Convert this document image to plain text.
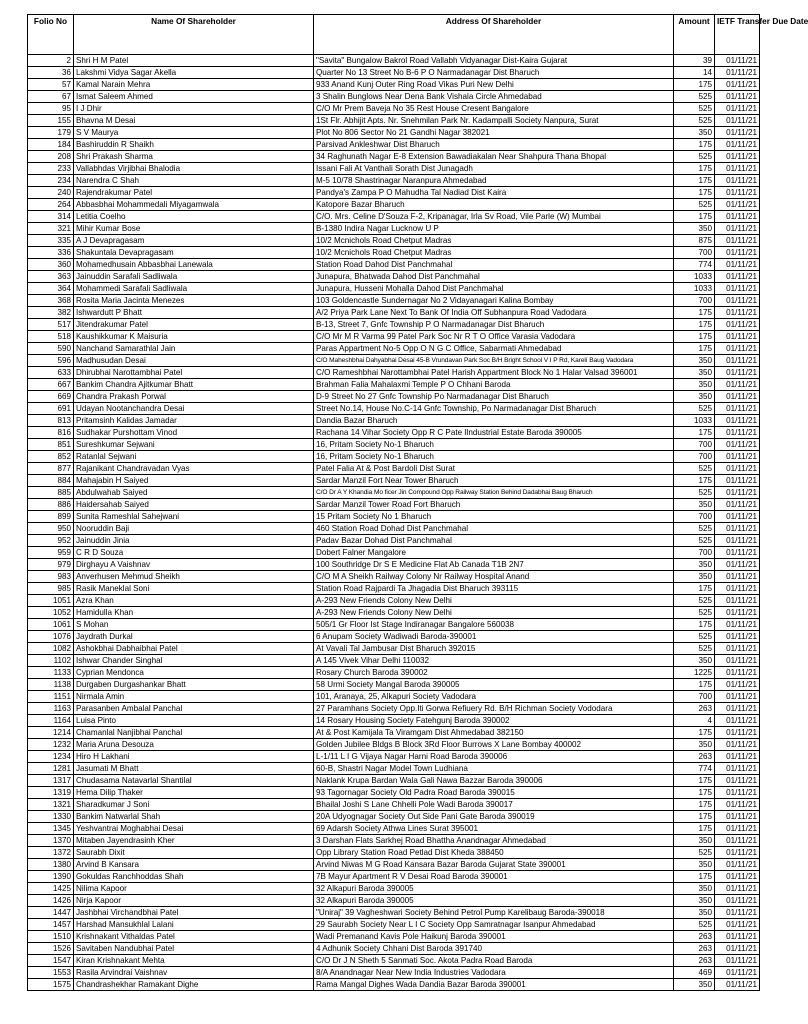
Folio No	Name Of Shareholder	Address Of Shareholder	Amount	IETF Transfer Due Date
2	Shri H M Patel	"Savita" Bungalow Bakrol Road Vallabh Vidyanagar Dist-Kaira Gujarat	39	01/11/21
36	Lakshmi Vidya Sagar Akella	Quarter No 13 Street No B-6 P O Narmadanagar Dist Bharuch	14	01/11/21
57	Kamal Narain Mehra	933 Anand Kunj Outer Ring Road Vikas Puri New Delhi	175	01/11/21
67	Ismat Saleem Ahmed	3 Shalin Bunglows Near Dena Bank Vishala Circle Ahmedabad	525	01/11/21
95	I J Dhir	C/O Mr Prem Baveja No 35 Rest House Cresent Bangalore	525	01/11/21
155	Bhavna M Desai	1St Flr. Abhijit Apts. Nr. Snehmilan Park Nr. Kadampalli Society Nanpura, Surat	525	01/11/21
179	S V Maurya	Plot No 806 Sector No 21 Gandhi Nagar 382021	350	01/11/21
184	Bashiruddin R Shaikh	Parsivad Ankleshwar Dist Bharuch	175	01/11/21
208	Shri Prakash Sharma	34 Raghunath Nagar E-8 Extension Bawadiakalan Near Shahpura Thana Bhopal	525	01/11/21
233	Vallabhdas Virjibhai Bhalodia	Issani Fali At Vanthali Sorath Dist Junagadh	175	01/11/21
234	Narendra C Shah	M-5 10/78 Shastrinagar Naranpura Ahmedabad	175	01/11/21
240	Rajendrakumar Patel	Pandya's Zampa P O Mahudha Tal Nadiad Dist Kaira	175	01/11/21
264	Abbasbhai Mohammedali Miyagamwala	Katopore Bazar Bharuch	525	01/11/21
314	Letitia Coelho	C/O. Mrs. Celine D'Souza F-2, Kripanagar, Irla Sv Road, Vile Parle (W) Mumbai	175	01/11/21
321	Mihir Kumar Bose	B-1380 Indira Nagar Lucknow U P	350	01/11/21
335	A J Devapragasam	10/2 Mcnichols Road Chetput Madras	875	01/11/21
336	Shakuntala Devapragasam	10/2 Mcnichols Road Chetput Madras	700	01/11/21
360	Mohamedhusain Abbasbhai Lanewala	Station Road Dahod Dist Panchmahal	774	01/11/21
363	Jainuddin Sarafali Sadliwala	Junapura, Bhatwada Dahod Dist Panchmahal	1033	01/11/21
364	Mohammedi Sarafali Sadliwala	Junapura, Husseni Mohalla Dahod Dist Panchmahal	1033	01/11/21
368	Rosita Maria Jacinta Menezes	103 Goldencastle Sundernagar No 2 Vidayanagari Kalina Bombay	700	01/11/21
382	Ishwardutt P Bhatt	A/2 Priya Park Lane Next To Bank Of India Off Subhanpura Road Vadodara	175	01/11/21
517	Jitendrakumar Patel	B-13, Street 7, Gnfc Township P O Narmadanagar Dist Bharuch	175	01/11/21
518	Kaushikkumar K Maisuria	C/O Mr M R Varma 99 Patel Park Soc Nr R T O Office Varasia Vadodara	175	01/11/21
590	Nanchand Samarathlal Jain	Paras Appartment No-5 Opp O N G C Office, Sabarmati Ahmedabad	175	01/11/21
596	Madhusudan Desai	C/O Maheshbhai Dahyabhai Desai 45-B Vrundavan Park Soc B/H Bright School V I P Rd, Karelí Baug Vadodara	350	01/11/21
633	Dhirubhai Narottambhai Patel	C/O Rameshbhai Narottambhai Patel Harish Appartment Block No 1 Halar Valsad 396001	350	01/11/21
667	Bankim Chandra Ajitkumar Bhatt	Brahman Falia Mahalaxmi Temple P O Chhani Baroda	350	01/11/21
669	Chandra Prakash Porwal	D-9 Street No 27 Gnfc Township Po Narmadanagar Dist Bharuch	350	01/11/21
691	Udayan Nootanchandra Desai	Street No.14, House No.C-14 Gnfc Township, Po Narmadanagar Dist Bharuch	525	01/11/21
813	Pritamsinh Kalidas Jamadar	Dandia Bazar Bharuch	1033	01/11/21
816	Sudhakar Purshottam Vinod	Rachana 14 Vihar Society Opp R C Pate lIndustrial Estate Baroda 390005	175	01/11/21
851	Sureshkumar Sejwani	16, Pritam Society No-1 Bharuch	700	01/11/21
852	Ratanlal Sejwani	16, Pritam Society No-1 Bharuch	700	01/11/21
877	Rajanikant Chandravadan Vyas	Patel Falia At & Post Bardoli Dist Surat	525	01/11/21
884	Mahajabin H Saiyed	Sardar Manzil Fort Near Tower Bharuch	175	01/11/21
885	Abdulwahab Saiyed	C/O Dr A Y Khandia Mo ficer Jin Compound Opp Railway Station Behind Dadabhai Baug Bharuch	525	01/11/21
886	Haidersahab Saiyed	Sardar Manzil Tower Road Fort Bharuch	350	01/11/21
899	Sunita Rameshlal Sahejwani	15 Pritam Society No 1 Bharuch	700	01/11/21
950	Nooruddin Baji	460 Station Road Dohad Dist Panchmahal	525	01/11/21
952	Jainuddin Jinia	Padav Bazar Dohad Dist Panchmahal	525	01/11/21
959	C R D Souza	Dobert Falner Mangalore	700	01/11/21
979	Dirghayu A Vaishnav	100 Southridge Dr S E Medicine Flat Ab Canada T1B 2N7	350	01/11/21
983	Anverhusen Mehmud Sheikh	C/O M A Sheikh Railway Colony Nr Railway Hospital Anand	350	01/11/21
985	Rasik Maneklal Soni	Station Road Rajpardi Ta Jhagadia Dist Bharuch 393115	175	01/11/21
1051	Azra Khan	A-293 New Friends Colony New Delhi	525	01/11/21
1052	Hamidulla Khan	A-293 New Friends Colony New Delhi	525	01/11/21
1061	S Mohan	505/1 Gr Floor Ist Stage Indiranagar Bangalore 560038	175	01/11/21
1076	Jaydrath Durkal	6 Anupam Society Wadiwadi Baroda-390001	525	01/11/21
1082	Ashokbhai Dabhaibhai Patel	At Vavali Tal Jambusar Dist Bharuch 392015	525	01/11/21
1102	Ishwar Chander Singhal	A 145 Vivek Vihar Delhi 110032	350	01/11/21
1133	Cyprian Mendonca	Rosary Church Baroda 390002	1225	01/11/21
1138	Durgaben Durgashankar Bhatt	58 Urmi Society Mangal Baroda 390005	175	01/11/21
1151	Nirmala Amin	101, Aranaya, 25, Alkapuri Society Vadodara	700	01/11/21
1163	Parasanben Ambalal Panchal	27 Paramhans Society Opp.Iti Gorwa Refiuery Rd. B/H Richman Society Vododara	263	01/11/21
1164	Luisa Pinto	14 Rosary Housing Society Fatehgunj Baroda 390002	4	01/11/21
1214	Chamanlal Nanjibhai Panchal	At & Post Kamijala Ta Viramgam Dist Ahmedabad 382150	175	01/11/21
1232	Maria Aruna Desouza	Golden Jubilee Bldgs B Block 3Rd Floor Burrows X Lane Bombay 400002	350	01/11/21
1234	Hiro H Lakhani	L-1/11 L I G Vijaya Nagar Harni Road Baroda 390006	263	01/11/21
1281	Jasumati M Bhatt	60-B, Shastri Nagar Model Town Ludhiana	774	01/11/21
1317	Chudasama Natavarlal Shantilal	Naklank Krupa Bardan Wala Gali Nawa Bazzar Baroda 390006	175	01/11/21
1319	Hema Dilip Thaker	93 Tagornagar Society Old Padra Road Baroda 390015	175	01/11/21
1321	Sharadkumar J Soni	Bhailal Joshi S Lane Chhelli Pole Wadi Baroda 390017	175	01/11/21
1330	Bankim Natwarlal Shah	20A Udyognagar Society Out Side Pani Gate Baroda 390019	175	01/11/21
1345	Yeshvantrai Moghabhai Desai	69 Adarsh Society Athwa Lines Surat 395001	175	01/11/21
1370	Mitaben Jayendrasinh Kher	3 Darshan Flats Sarkhej Road Bhattha Anandnagar Ahmedabad	350	01/11/21
1372	Saurabh Dixit	Opp Library Station Road Petlad Dist Kheda 388450	525	01/11/21
1380	Arvind B Kansara	Arvind Niwas M G Road Kansara Bazar Baroda Gujarat State 390001	350	01/11/21
1390	Gokuldas Ranchhoddas Shah	7B Mayur Apartment R V Desai Road Baroda 390001	175	01/11/21
1425	Nilima Kapoor	32 Alkapuri Baroda 390005	350	01/11/21
1426	Nirja Kapoor	32 Alkapuri Baroda 390005	350	01/11/21
1447	Jashbhai Virchandbhai Patel	"Uniraj" 39 Vagheshwari Society Behind Petrol Pump Karelibaug Baroda-390018	350	01/11/21
1457	Harshad Mansukhlal Lalani	29 Saurabh Society Near L I C Society Opp Samratnagar Isanpur Ahmedabad	525	01/11/21
1510	Krishnakant Vithaldas Patel	Wadi Premanand Kavis Pole Haikunj Baroda 390001	263	01/11/21
1526	Savitaben Nandubhai Patel	4 Adhunik Society Chhani Dist Baroda 391740	263	01/11/21
1547	Kiran Krishnakant Mehta	C/O Dr J N Sheth 5 Sanmati Soc. Akota Padra Road Baroda	263	01/11/21
1553	Rasila Arvindrai Vaishnav	8/A Anandnagar Near New India Industries Vadodara	469	01/11/21
1575	Chandrashekhar Ramakant Dighe	Rama Mangal Dighes Wada Dandia Bazar Baroda 390001	350	01/11/21
